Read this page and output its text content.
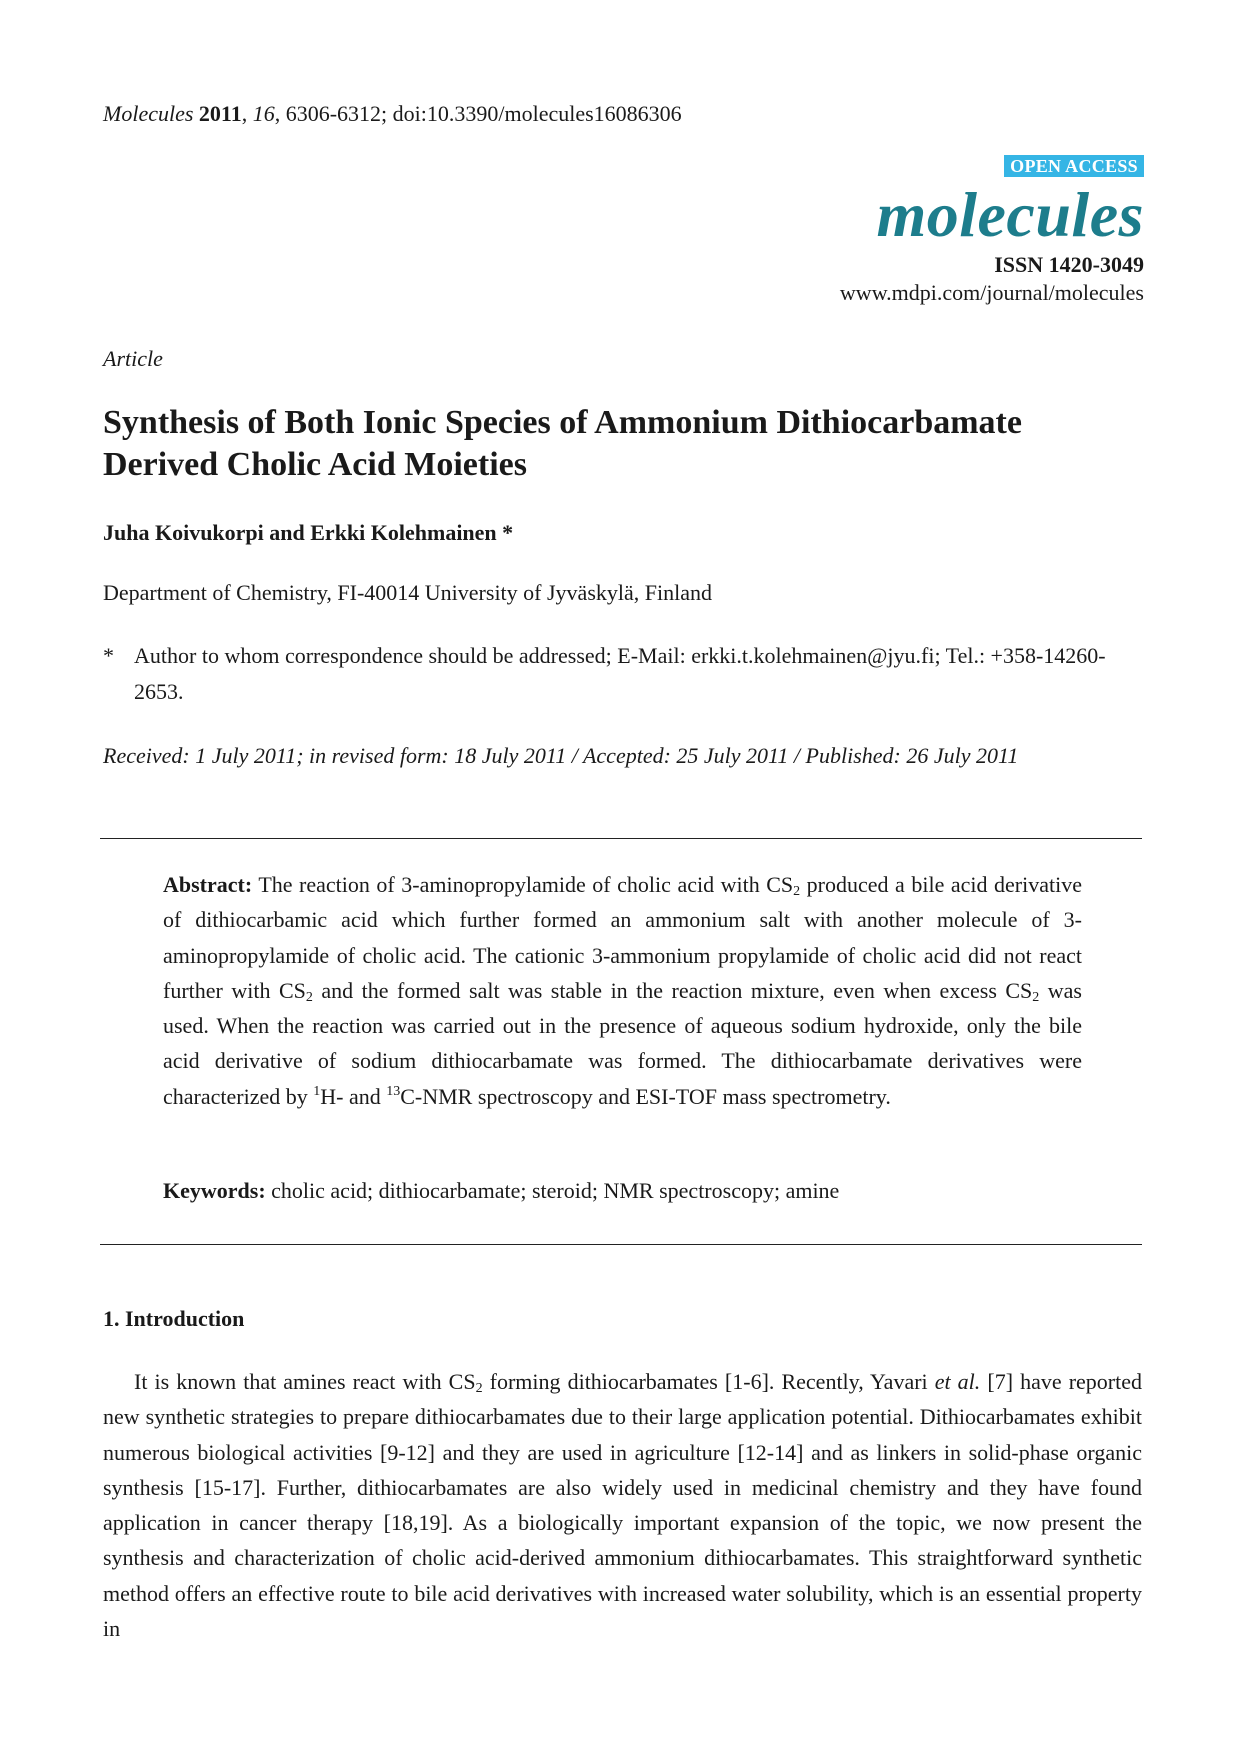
Molecules 2011, 16, 6306-6312; doi:10.3390/molecules16086306
OPEN ACCESS
molecules
ISSN 1420-3049
www.mdpi.com/journal/molecules
Article
Synthesis of Both Ionic Species of Ammonium Dithiocarbamate Derived Cholic Acid Moieties
Juha Koivukorpi and Erkki Kolehmainen *
Department of Chemistry, FI-40014 University of Jyväskylä, Finland
* Author to whom correspondence should be addressed; E-Mail: erkki.t.kolehmainen@jyu.fi; Tel.: +358-14260-2653.
Received: 1 July 2011; in revised form: 18 July 2011 / Accepted: 25 July 2011 / Published: 26 July 2011

Abstract: The reaction of 3-aminopropylamide of cholic acid with $CS_2$ produced a bile acid derivative of dithiocarbamic acid which further formed an ammonium salt with another molecule of 3-aminopropylamide of cholic acid. The cationic 3-ammonium propylamide of cholic acid did not react further with $CS_2$ and the formed salt was stable in the reaction mixture, even when excess $CS_2$ was used. When the reaction was carried out in the presence of aqueous sodium hydroxide, only the bile acid derivative of sodium dithiocarbamate was formed. The dithiocarbamate derivatives were characterized by $^1$H- and $^{13}$C-NMR spectroscopy and ESI-TOF mass spectrometry.

Keywords: cholic acid; dithiocarbamate; steroid; NMR spectroscopy; amine
1. Introduction

It is known that amines react with $CS_2$ forming dithiocarbamates [1-6]. Recently, Yavari et al. [7] have reported new synthetic strategies to prepare dithiocarbamates due to their large application potential. Dithiocarbamates exhibit numerous biological activities [9-12] and they are used in agriculture [12-14] and as linkers in solid-phase organic synthesis [15-17]. Further, dithiocarbamates are also widely used in medicinal chemistry and they have found application in cancer therapy [18,19]. As a biologically important expansion of the topic, we now present the synthesis and characterization of cholic acid-derived ammonium dithiocarbamates. This straightforward synthetic method offers an effective route to bile acid derivatives with increased water solubility, which is an essential property in
